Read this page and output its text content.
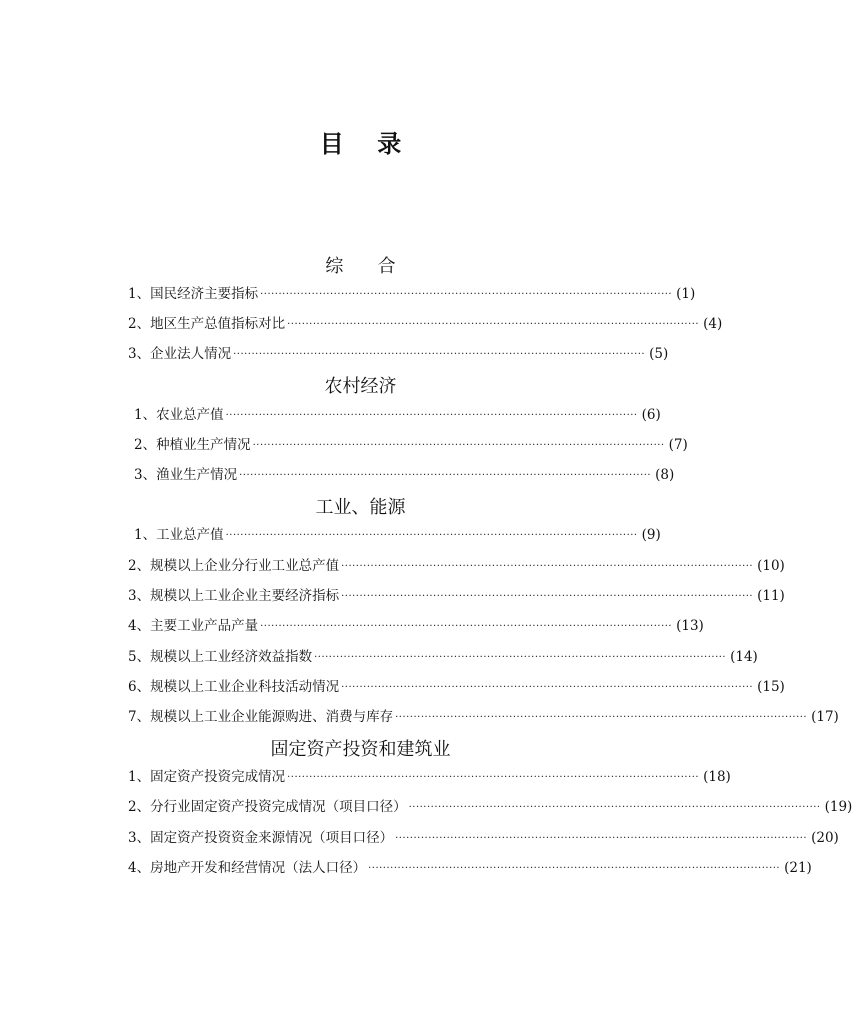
目    录
综      合
1、 国民经济主要指标 ················································································································ (1)
2、 地区生产总值指标对比 ················································································································ (4)
3、 企业法人情况 ················································································································ (5)
农村经济
1、 农业总产值 ················································································································ (6)
2、 种植业生产情况 ················································································································ (7)
3、 渔业生产情况 ················································································································ (8)
工业、能源
1、 工业总产值 ················································································································ (9)
2、 规模以上企业分行业工业总产值 ················································································································ (10)
3、 规模以上工业企业主要经济指标 ················································································································ (11)
4、 主要工业产品产量 ················································································································ (13)
5、 规模以上工业经济效益指数 ················································································································ (14)
6、 规模以上工业企业科技活动情况 ················································································································ (15)
7、 规模以上工业企业能源购进、消费与库存 ················································································································ (17)
固定资产投资和建筑业
1、 固定资产投资完成情况 ················································································································ (18)
2、 分行业固定资产投资完成情况（项目口径） ················································································································ (19)
3、 固定资产投资资金来源情况（项目口径） ················································································································ (20)
4、 房地产开发和经营情况（法人口径） ················································································································ (21)
